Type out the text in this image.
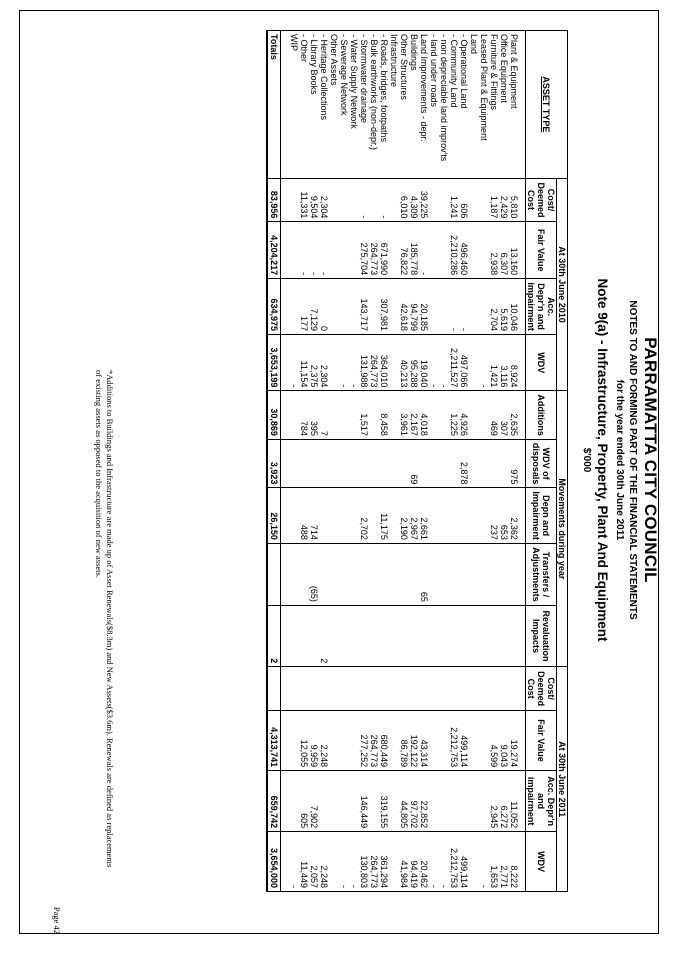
PARRAMATTA CITY COUNCIL
NOTES TO AND FORMING PART OF THE FINANCIAL STATEMENTS
for the year ended 30th June 2011
Note 9(a) - Infrastructure, Property, Plant And Equipment
$'000
ASSET TYPE	At 30th June 2010				Movements during year					At 30th June 2011			
	Cost/ Deemed Cost	Fair Value	Acc. Depr'n and impairment	WDV	Additions	WDV of disposals	Depn and Impairment	Transfers / Adjustments	Revaluation Impacts	Cost/ Deemed Cost	Fair Value	Acc. Depr'n and impairment	WDV
Plant & Equipment	5,810	13,160	10,046	8,924	2,635	975	2,362				19,274	11,052	8,222
Office Equipment	2,429	6,307	5,619	3,116	307		653				9,043	6,272	2,771
Furniture & Fittings	1,187	2,938	2,704	1,421	469		237				4,599	2,945	1,653
Leased Plant & Equipment				-									-
Land													
- Operational Land	606	496,460	-	497,066	4,926	2,878					499,114		499,114
- Community Land	1,241	2,210,286	-	2,211,527	1,225						2,212,753		2,212,753
- non depreciable land improv'ts				-									-
- land under roads				-									-
Land Improvements - depr.	39,225	-	20,185	19,040	4,018		2,661	65			43,314	22,852	20,462
Buildings	4,309	185,778	94,799	95,288	2,167	69	2,967				192,122	97,702	94,419
Other Structures	6,010	76,822	42,618	40,213	3,961		2,190				86,789	44,805	41,984
Infrastructure													
- Roads, bridges, footpaths	-	671,990	307,981	364,010	8,458		11,175				680,449	319,155	361,294
- Bulk earthworks (non-depr.)		264,773		264,773							264,773		264,773
- Stormwater drainage	-	275,704	143,717	131,988	1,517		2,702				277,252	146,449	130,803
- Water Supply Network				-									-
- Sewerage Network				-									-
Other Assets													
- Heritage Collections	2,304	-	0	2,304	7				2		2,248		2,248
- Library Books	9,504	-	7,129	2,375	395		714	(65)			9,959	7,902	2,057
- Other	11,331	-	177	11,154	784		488				12,055	605	11,449
WIP				-									-

Totals	83,956	4,204,217	634,975	3,653,199	30,869	3,923	26,150		2		4,313,741	659,742	3,654,000
*Additions to Buildings and Infrastructure are made up of Asset Renewals($8.3m) and New Assets($3.6m). Renewals are defined as replacements of existing assets as opposed to the acquisition of new assets.
Page 42
